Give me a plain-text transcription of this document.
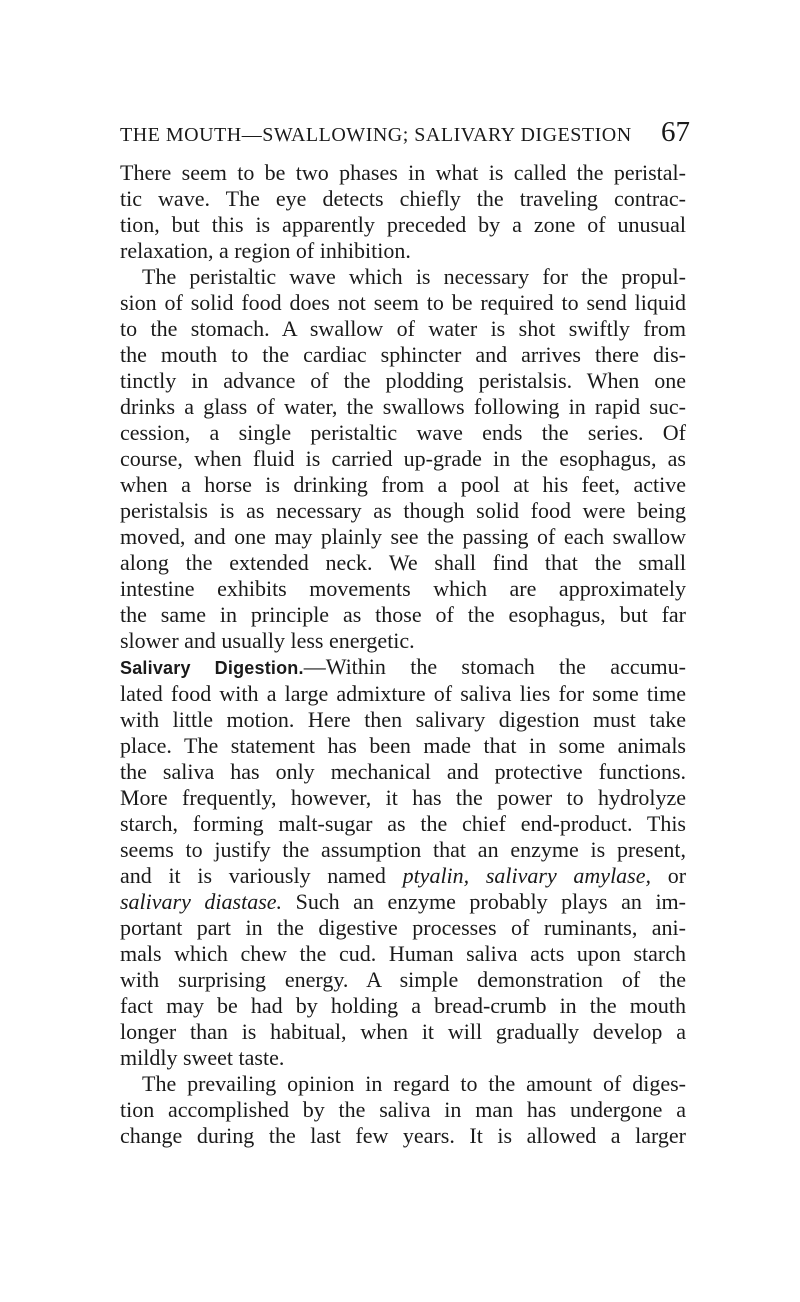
THE MOUTH—SWALLOWING; SALIVARY DIGESTION 67
There seem to be two phases in what is called the peristal-
tic wave. The eye detects chiefly the traveling contrac-
tion, but this is apparently preceded by a zone of unusual
relaxation, a region of inhibition.
The peristaltic wave which is necessary for the propul-
sion of solid food does not seem to be required to send liquid
to the stomach. A swallow of water is shot swiftly from
the mouth to the cardiac sphincter and arrives there dis-
tinctly in advance of the plodding peristalsis. When one
drinks a glass of water, the swallows following in rapid suc-
cession, a single peristaltic wave ends the series. Of
course, when fluid is carried up-grade in the esophagus, as
when a horse is drinking from a pool at his feet, active
peristalsis is as necessary as though solid food were being
moved, and one may plainly see the passing of each swallow
along the extended neck. We shall find that the small
intestine exhibits movements which are approximately
the same in principle as those of the esophagus, but far
slower and usually less energetic.
Salivary Digestion.—Within the stomach the accumu-
lated food with a large admixture of saliva lies for some time
with little motion. Here then salivary digestion must take
place. The statement has been made that in some animals
the saliva has only mechanical and protective functions.
More frequently, however, it has the power to hydrolyze
starch, forming malt-sugar as the chief end-product. This
seems to justify the assumption that an enzyme is present,
and it is variously named ptyalin, salivary amylase, or
salivary diastase. Such an enzyme probably plays an im-
portant part in the digestive processes of ruminants, ani-
mals which chew the cud. Human saliva acts upon starch
with surprising energy. A simple demonstration of the
fact may be had by holding a bread-crumb in the mouth
longer than is habitual, when it will gradually develop a
mildly sweet taste.
The prevailing opinion in regard to the amount of diges-
tion accomplished by the saliva in man has undergone a
change during the last few years. It is allowed a larger
